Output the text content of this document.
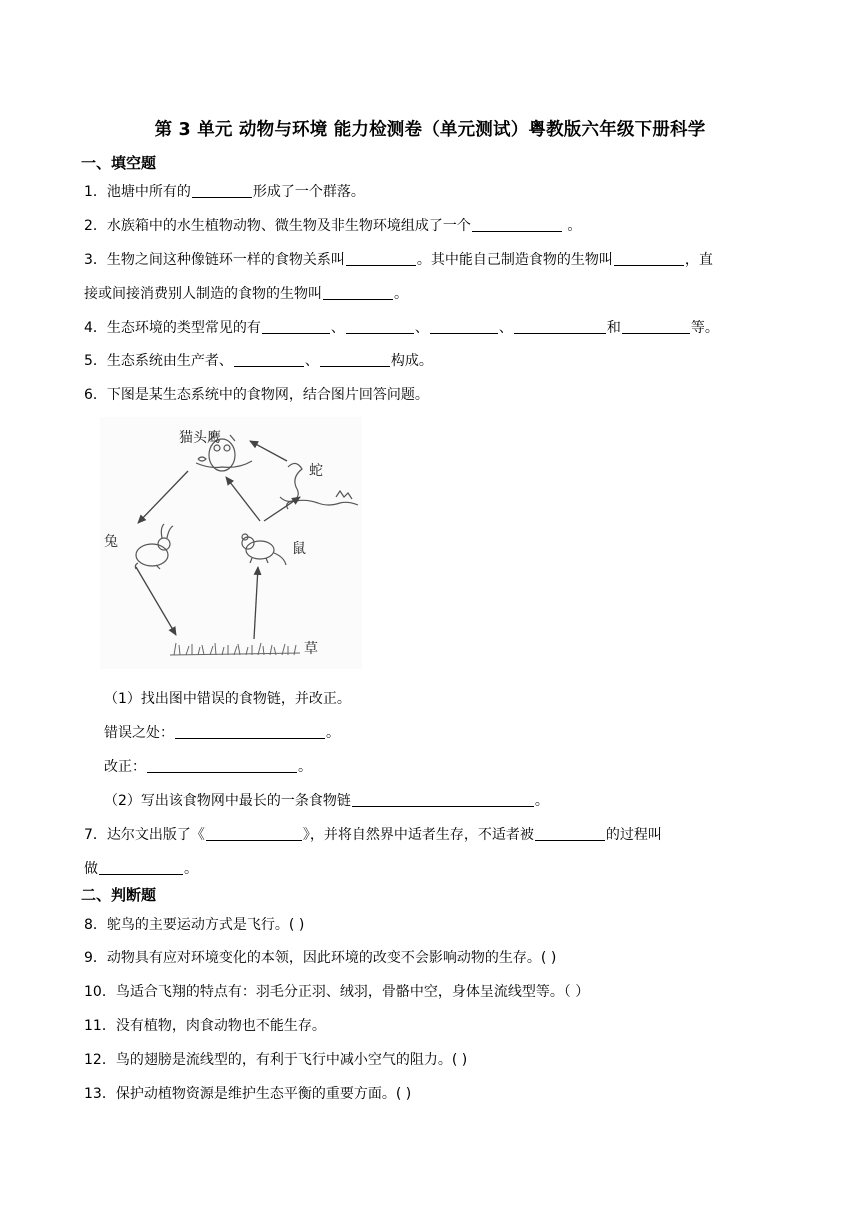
第 3 单元 动物与环境 能力检测卷（单元测试）粤教版六年级下册科学
一、填空题
1．池塘中所有的	形成了一个群落。
2．水族箱中的水生植物动物、微生物及非生物环境组成了一个	。
3．生物之间这种像链环一样的食物关系叫	。其中能自己制造食物的生物叫	，直
接或间接消费别人制造的食物的生物叫	。
4．生态环境的类型常见的有	、	、	、	和	等。
5．生态系统由生产者、	、	构成。
6．下图是某生态系统中的食物网，结合图片回答问题。
猫头鹰
蛇
兔	鼠
草
（1）找出图中错误的食物链，并改正。
错误之处：	。
改正：	。
（2）写出该食物网中最长的一条食物链	。
7．达尔文出版了《	》，并将自然界中适者生存，不适者被	的过程叫
做	。
二、判断题
8．鸵鸟的主要运动方式是飞行。( )
9．动物具有应对环境变化的本领，因此环境的改变不会影响动物的生存。( )
10．鸟适合飞翔的特点有：羽毛分正羽、绒羽，骨骼中空，身体呈流线型等。（ ）
11．没有植物，肉食动物也不能生存。
12．鸟的翅膀是流线型的，有利于飞行中减小空气的阻力。( )
13．保护动植物资源是维护生态平衡的重要方面。( )
